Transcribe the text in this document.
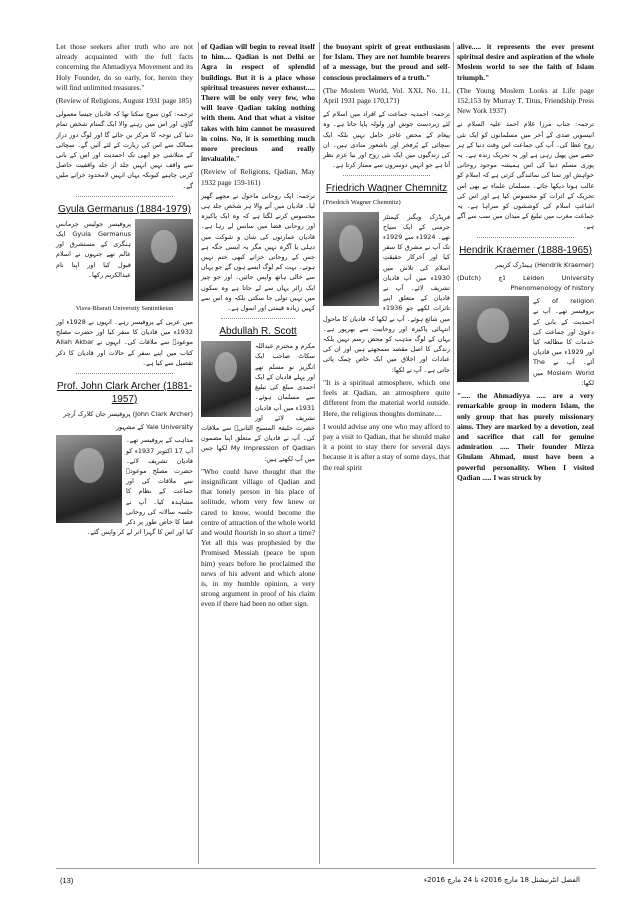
Let those seekers after truth who are not already acquainted with the full facts concerning the Ahmadiyya Movement and its Holy Founder, do so early, for, herein they will find unlimited treasures."

(Review of Religions, August 1931 page 185)

ترجمہ: کون سوچ سکتا تھا کہ قادیان جیسا معمولی گاؤں اور اس میں رہنے والا ایک گمنام شخص تمام دنیا کی توجہ کا مرکز بن جائے گا اور لوگ دور دراز ممالک سے اس کی زیارت کے لئے آئیں گے۔ سچائی کے متلاشی جو ابھی تک احمدیت اور اس کے بانی سے واقف نہیں انہیں جلد از جلد واقفیت حاصل کرنی چاہیے کیونکہ یہاں انہیں لامحدود خزانے ملیں گے۔

Gyula Germanus (1884-1979)

پروفیسر جولیس جرمانس Gyula Germanus ایک ہنگری کے مستشرق اور عالم تھے جنہوں نے اسلام قبول کیا اور اپنا نام عبدالکریم رکھا۔

Visva-Bharati University Santiniketan

میں عربی کے پروفیسر رہے۔ انہوں نے 1928ء اور 1932ء میں قادیان کا سفر کیا اور حضرت مصلح موعودؓ سے ملاقات کی۔ انہوں نے Allah Akbar کتاب میں اپنے سفر کے حالات اور قادیان کا ذکر تفصیل سے کیا ہے۔

Prof. John Clark Archer (1881-1957)

(John Clark Archer) پروفیسر جان کلارک آرچر

Yale University کے مشہور

مذاہب کے پروفیسر تھے۔ آپ 17 اکتوبر 1937ء کو قادیان تشریف لائے۔ حضرت مصلح موعودؓ سے ملاقات کی اور جماعت کے نظام کا مشاہدہ کیا۔ آپ نے جلسہ سالانہ کی روحانی فضا کا خاص طور پر ذکر کیا اور اس کا گہرا اثر لے کر واپس گئے۔

of Qadian will begin to reveal itself to him.... Qadian is not Delhi or Agra in respect of splendid buildings. But it is a place whose spiritual treasures never exhaust..... There will be only very few, who will leave Qadian taking nothing with them. And that what a visitor takes with him cannot be measured in coins. No, it is something much more precious and really invaluable."

(Review of Religions, Qadian, May 1932 page 159-161)

ترجمہ: ایک روحانی ماحول نے مجھے گھیر لیا۔ قادیان میں آنے والا ہر شخص جلد ہی محسوس کرنے لگتا ہے کہ وہ ایک پاکیزہ اور روحانی فضا میں سانس لے رہا ہے۔ قادیان عمارتوں کی شان و شوکت میں دہلی یا آگرہ نہیں مگر یہ ایسی جگہ ہے جس کے روحانی خزانے کبھی ختم نہیں ہوتے۔ بہت کم لوگ ایسے ہوں گے جو یہاں سے خالی ہاتھ واپس جائیں۔ اور جو چیز ایک زائر یہاں سے لے جاتا ہے وہ سکوں میں نہیں تولی جا سکتی بلکہ وہ اس سے کہیں زیادہ قیمتی اور انمول ہے۔

Abdullah R. Scott

مکرم و محترم عبداللہ سکاٹ صاحب ایک انگریز نو مسلم تھے اور پہلے قادیان کے ایک احمدی مبلغ کی تبلیغ سے مسلمان ہوئے۔ 1931ء میں آپ قادیان تشریف لائے اور حضرت خلیفۃ المسیح الثانیؓ سے ملاقات کی۔ آپ نے قادیان کے متعلق اپنا مضمون My Impression of Qadian لکھا جس میں آپ لکھتے ہیں:

"Who could have thought that the insignificant village of Qadian and that lonely person in his place of solitude, whom very few knew or cared to know, would become the centre of attraction of the whole world and would flourish in so short a time? Yet all this was prophesied by the Promised Messiah (peace be upon him) years before he proclaimed the news of his advent and which alone is, in my humble opinion, a very strong argument in proof of his claim even if there had been no other sign.

the buoyant spirit of great enthusiasm for Islam. They are not humble bearers of a message, but the proud and self-conscious proclaimers of a truth."

(The Moslem World, Vol. XXI, No. 11, April 1931 page 170,171)

ترجمہ: احمدیہ جماعت کے افراد میں اسلام کے لئے زبردست جوش اور ولولہ پایا جاتا ہے۔ وہ پیغام کے محض عاجز حامل نہیں بلکہ ایک سچائی کے پُرفخر اور باشعور منادی ہیں۔ ان کی زندگیوں میں ایک نئی روح اور نیا عزم نظر آتا ہے جو انہیں دوسروں سے ممتاز کرتا ہے۔

Friedrich Wagner Chemnitz

(Friedrich Wagner Chemnitz)

فریڈرک ویگنر کیمنٹز جرمنی کے ایک سیاح تھے۔ 1924ء سے 1929ء تک آپ نے مشرق کا سفر کیا اور آخرکار حقیقتِ اسلام کی تلاش میں 1930ء میں آپ قادیان تشریف لائے۔ آپ نے قادیان کے متعلق اپنے تاثرات لکھے جو 1936ء میں شائع ہوئے۔ آپ نے لکھا کہ قادیان کا ماحول انتہائی پاکیزہ اور روحانیت سے بھرپور ہے۔ یہاں کے لوگ مذہب کو محض رسم نہیں بلکہ زندگی کا اصل مقصد سمجھتے ہیں اور ان کی عبادات اور اخلاق میں ایک خاص چمک پائی جاتی ہے۔ آپ نے لکھا:

"It is a spiritual atmosphere, which one feels at Qadian, an atmosphere quite different from the material world outside. Here, the religious thoughts dominate....

I would advise any one who may afford to pay a visit to Qadian, that he should make it a point to stay there for several days because it is after a stay of some days, that the real spirit

alive..... it represents the ever present spiritual desire and aspiration of the whole Moslem world to see the faith of Islam triumph."

(The Young Moslem Looks at Life page 152,153 by Murray T. Titus, Friendship Press New York 1937)

ترجمہ: جناب مرزا غلام احمد علیہ السلام نے انیسویں صدی کے آخر میں مسلمانوں کو ایک نئی روح عطا کی۔ آپ کی جماعت اس وقت دنیا کے ہر حصے میں پھیل رہی ہے اور یہ تحریک زندہ ہے۔ یہ پوری مسلم دنیا کی اس ہمیشہ موجود روحانی خواہش اور تمنا کی نمائندگی کرتی ہے کہ اسلام کو غالب ہوتا دیکھا جائے۔ مسلمان علماء نے بھی اس تحریک کے اثرات کو محسوس کیا ہے اور اس کی اشاعتِ اسلام کی کوششوں کو سراہا ہے۔ یہ جماعت مغرب میں تبلیغ کے میدان میں سب سے آگے ہے۔

Hendrik Kraemer (1888-1965)

(Hendrik Kraemer) ہینڈرک کریمر

Leiden University ڈچ (Dutch) Phenomenology of history

of religion کے پروفیسر تھے۔ آپ نے احمدیت کے بانی کے دعویٰ اور جماعت کی خدمات کا مطالعہ کیا اور 1929ء میں قادیان آئے۔ آپ نے The Moslem World میں لکھا:

"..... the Ahmadiyya ..... are a very remarkable group in modern Islam, the only group that has purely missionary aims. They are marked by a devotion, zeal and sacrifice that call for genuine admiration ..... Their founder Mirza Ghulam Ahmad, must have been a powerful personality. When I visited Qadian ..... I was struck by

(13)	الفضل انٹرنیشنل 18 مارچ 2016ء تا 24 مارچ 2016ء
